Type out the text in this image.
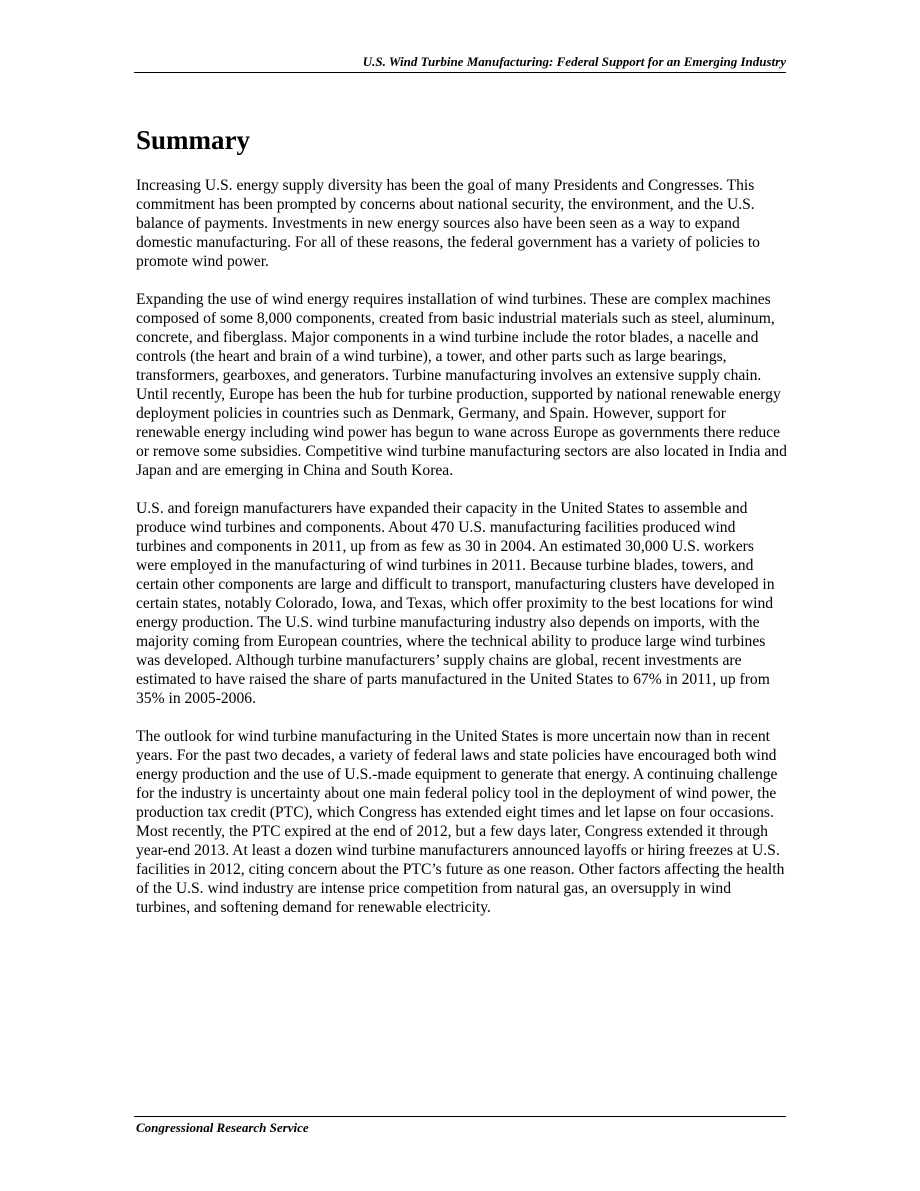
U.S. Wind Turbine Manufacturing: Federal Support for an Emerging Industry
Summary

Increasing U.S. energy supply diversity has been the goal of many Presidents and Congresses. This commitment has been prompted by concerns about national security, the environment, and the U.S. balance of payments. Investments in new energy sources also have been seen as a way to expand domestic manufacturing. For all of these reasons, the federal government has a variety of policies to promote wind power.

Expanding the use of wind energy requires installation of wind turbines. These are complex machines composed of some 8,000 components, created from basic industrial materials such as steel, aluminum, concrete, and fiberglass. Major components in a wind turbine include the rotor blades, a nacelle and controls (the heart and brain of a wind turbine), a tower, and other parts such as large bearings, transformers, gearboxes, and generators. Turbine manufacturing involves an extensive supply chain. Until recently, Europe has been the hub for turbine production, supported by national renewable energy deployment policies in countries such as Denmark, Germany, and Spain. However, support for renewable energy including wind power has begun to wane across Europe as governments there reduce or remove some subsidies. Competitive wind turbine manufacturing sectors are also located in India and Japan and are emerging in China and South Korea.

U.S. and foreign manufacturers have expanded their capacity in the United States to assemble and produce wind turbines and components. About 470 U.S. manufacturing facilities produced wind turbines and components in 2011, up from as few as 30 in 2004. An estimated 30,000 U.S. workers were employed in the manufacturing of wind turbines in 2011. Because turbine blades, towers, and certain other components are large and difficult to transport, manufacturing clusters have developed in certain states, notably Colorado, Iowa, and Texas, which offer proximity to the best locations for wind energy production. The U.S. wind turbine manufacturing industry also depends on imports, with the majority coming from European countries, where the technical ability to produce large wind turbines was developed. Although turbine manufacturers’ supply chains are global, recent investments are estimated to have raised the share of parts manufactured in the United States to 67% in 2011, up from 35% in 2005-2006.

The outlook for wind turbine manufacturing in the United States is more uncertain now than in recent years. For the past two decades, a variety of federal laws and state policies have encouraged both wind energy production and the use of U.S.-made equipment to generate that energy. A continuing challenge for the industry is uncertainty about one main federal policy tool in the deployment of wind power, the production tax credit (PTC), which Congress has extended eight times and let lapse on four occasions. Most recently, the PTC expired at the end of 2012, but a few days later, Congress extended it through year-end 2013. At least a dozen wind turbine manufacturers announced layoffs or hiring freezes at U.S. facilities in 2012, citing concern about the PTC’s future as one reason. Other factors affecting the health of the U.S. wind industry are intense price competition from natural gas, an oversupply in wind turbines, and softening demand for renewable electricity.

Congressional Research Service
